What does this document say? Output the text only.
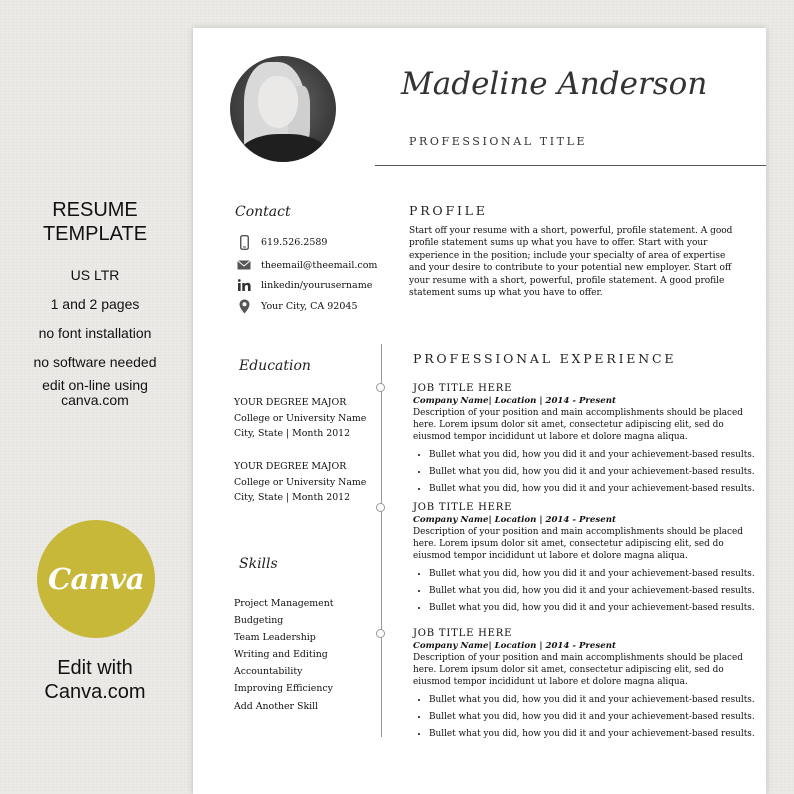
RESUME
TEMPLATE
US LTR
1 and 2 pages
no font installation
no software needed
edit on-line using
canva.com
Canva
Edit with
Canva.com
Madeline Anderson
PROFESSIONAL TITLE
Contact
619.526.2589
theemail@theemail.com
linkedin/yourusername
Your City, CA 92045
PROFILE
Start off your resume with a short, powerful, profile statement. A good profile statement sums up what you have to offer. Start with your experience in the position; include your specialty of area of expertise and your desire to contribute to your potential new employer. Start off your resume with a short, powerful, profile statement. A good profile statement sums up what you have to offer.
Education
YOUR DEGREE MAJOR
College or University Name
City, State | Month 2012
YOUR DEGREE MAJOR
College or University Name
City, State | Month 2012
Skills
Project Management
Budgeting
Team Leadership
Writing and Editing
Accountability
Improving Efficiency
Add Another Skill
PROFESSIONAL EXPERIENCE
JOB TITLE HERE
Company Name| Location | 2014 - Present
Description of your position and main accomplishments should be placed here. Lorem ipsum dolor sit amet, consectetur adipiscing elit, sed do eiusmod tempor incididunt ut labore et dolore magna aliqua.
• Bullet what you did, how you did it and your achievement-based results.
• Bullet what you did, how you did it and your achievement-based results.
• Bullet what you did, how you did it and your achievement-based results.
JOB TITLE HERE
Company Name| Location | 2014 - Present
Description of your position and main accomplishments should be placed here. Lorem ipsum dolor sit amet, consectetur adipiscing elit, sed do eiusmod tempor incididunt ut labore et dolore magna aliqua.
• Bullet what you did, how you did it and your achievement-based results.
• Bullet what you did, how you did it and your achievement-based results.
• Bullet what you did, how you did it and your achievement-based results.
JOB TITLE HERE
Company Name| Location | 2014 - Present
Description of your position and main accomplishments should be placed here. Lorem ipsum dolor sit amet, consectetur adipiscing elit, sed do eiusmod tempor incididunt ut labore et dolore magna aliqua.
• Bullet what you did, how you did it and your achievement-based results.
• Bullet what you did, how you did it and your achievement-based results.
• Bullet what you did, how you did it and your achievement-based results.
